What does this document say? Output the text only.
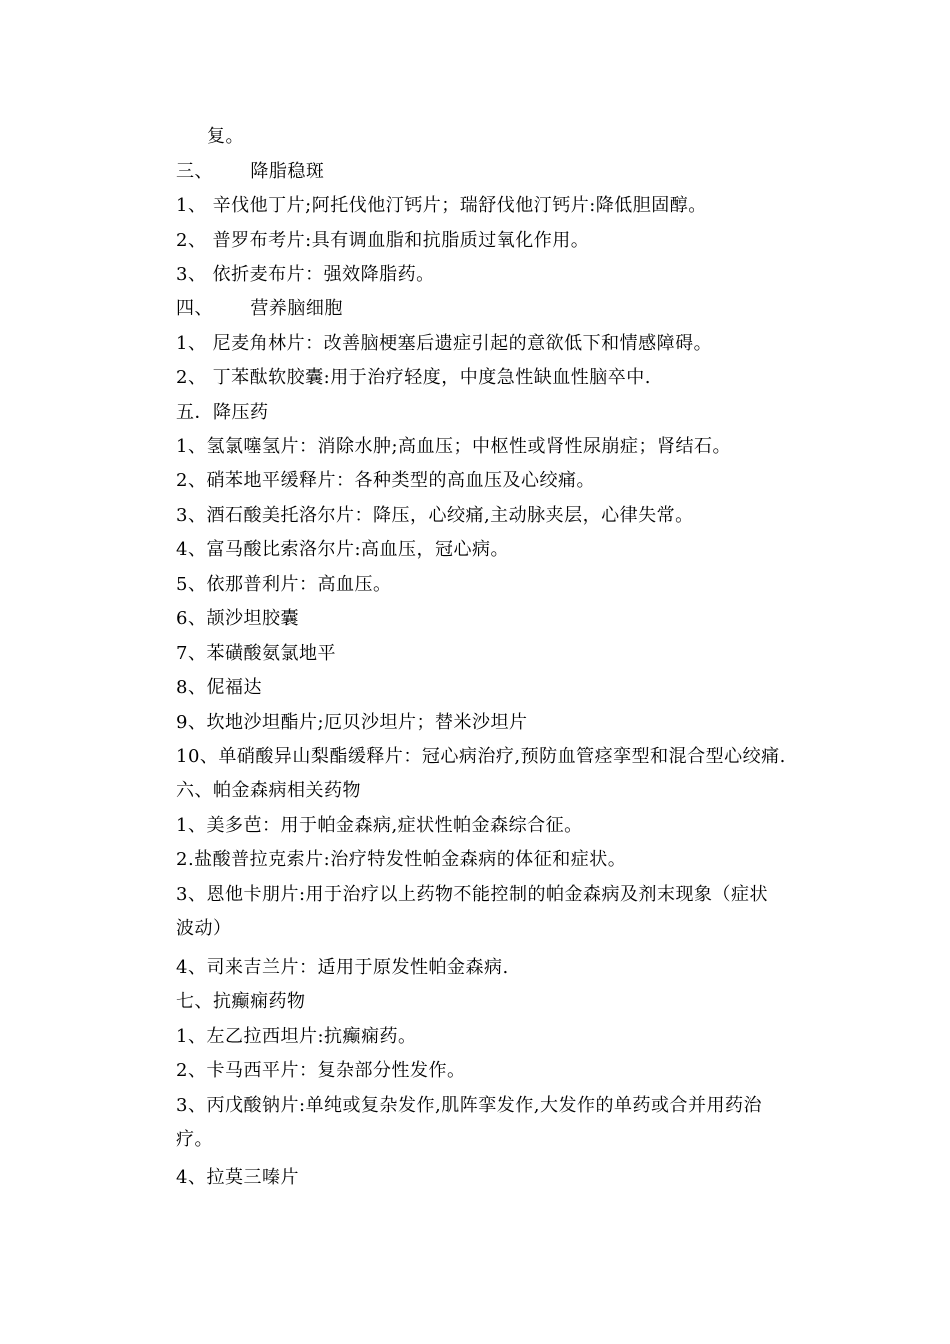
复。
三、      降脂稳斑
1、 辛伐他丁片;阿托伐他汀钙片；瑞舒伐他汀钙片:降低胆固醇。
2、 普罗布考片:具有调血脂和抗脂质过氧化作用。
3、 依折麦布片：强效降脂药。
四、      营养脑细胞
1、 尼麦角林片：改善脑梗塞后遗症引起的意欲低下和情感障碍。
2、 丁苯酞软胶囊:用于治疗轻度，中度急性缺血性脑卒中.
五．降压药
1、氢氯噻氢片：消除水肿;高血压；中枢性或肾性尿崩症；肾结石。
2、硝苯地平缓释片：各种类型的高血压及心绞痛。
3、酒石酸美托洛尔片：降压，心绞痛,主动脉夹层，心律失常。
4、富马酸比索洛尔片:高血压，冠心病。
5、依那普利片：高血压。
6、颉沙坦胶囊
7、苯磺酸氨氯地平
8、伲福达
9、坎地沙坦酯片;厄贝沙坦片；替米沙坦片
10、单硝酸异山梨酯缓释片：冠心病治疗,预防血管痉挛型和混合型心绞痛.
六、帕金森病相关药物
1、美多芭：用于帕金森病,症状性帕金森综合征。
2.盐酸普拉克索片:治疗特发性帕金森病的体征和症状。
3、恩他卡朋片:用于治疗以上药物不能控制的帕金森病及剂末现象（症状
波动）
4、司来吉兰片：适用于原发性帕金森病.
七、抗癫痫药物
1、左乙拉西坦片:抗癫痫药。
2、卡马西平片：复杂部分性发作。
3、丙戊酸钠片:单纯或复杂发作,肌阵挛发作,大发作的单药或合并用药治
疗。
4、拉莫三嗪片
